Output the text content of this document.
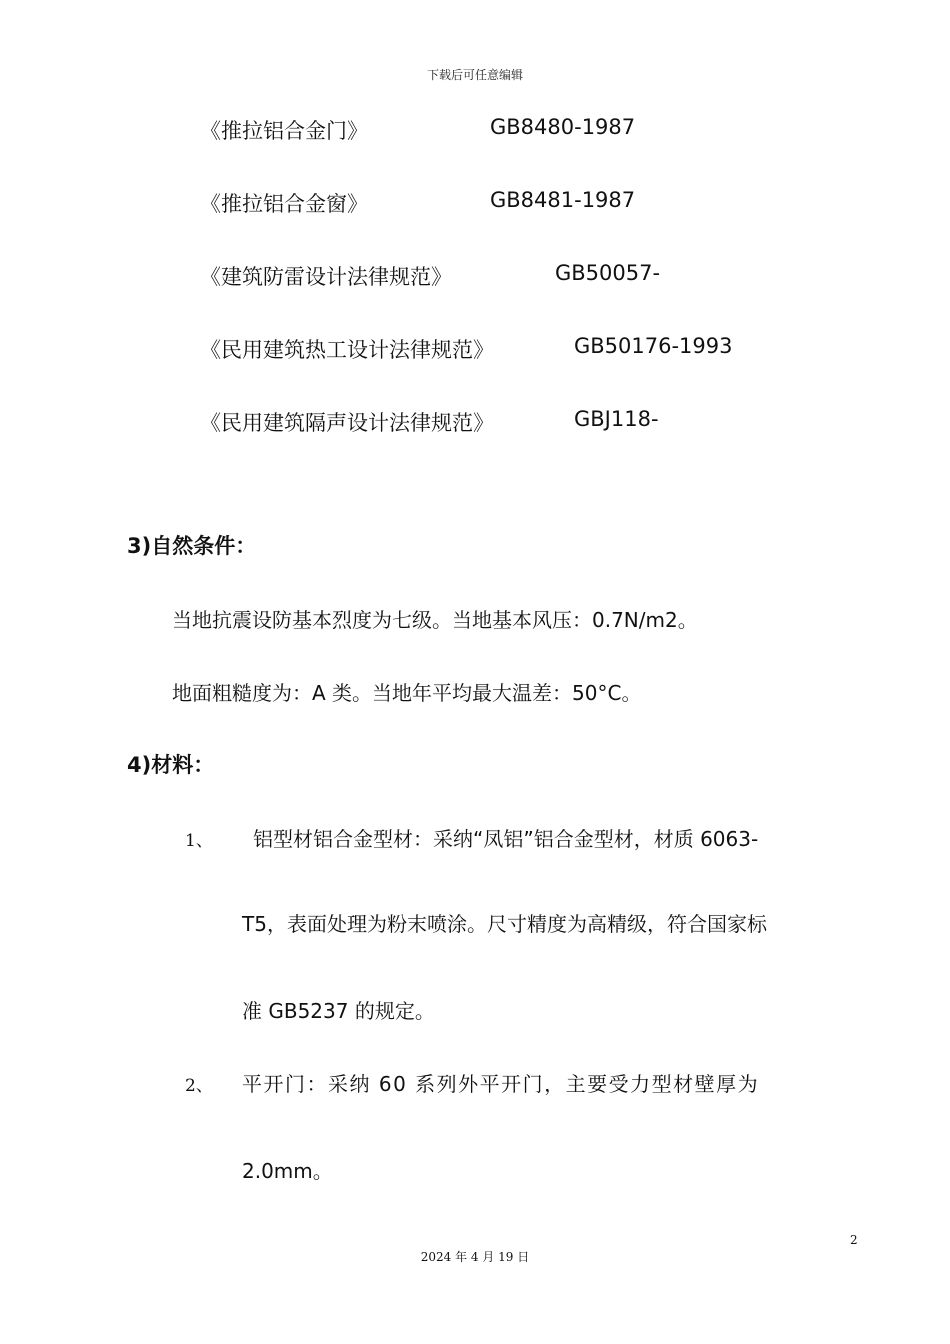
下载后可任意编辑
《推拉铝合金门》	GB8480-1987
《推拉铝合金窗》	GB8481-1987
《建筑防雷设计法律规范》	GB50057-
《民用建筑热工设计法律规范》	GB50176-1993
《民用建筑隔声设计法律规范》	GBJ118-
3)自然条件：
当地抗震设防基本烈度为七级。当地基本风压：0.7N/m2。
地面粗糙度为：A 类。当地年平均最大温差：50°C。
4)材料：
1、 铝型材铝合金型材：采纳“凤铝”铝合金型材，材质 6063-
T5，表面处理为粉末喷涂。尺寸精度为高精级，符合国家标
准 GB5237 的规定。
2、 平开门：采纳 60 系列外平开门，主要受力型材壁厚为
2.0mm。
2
2024 年 4 月 19 日
